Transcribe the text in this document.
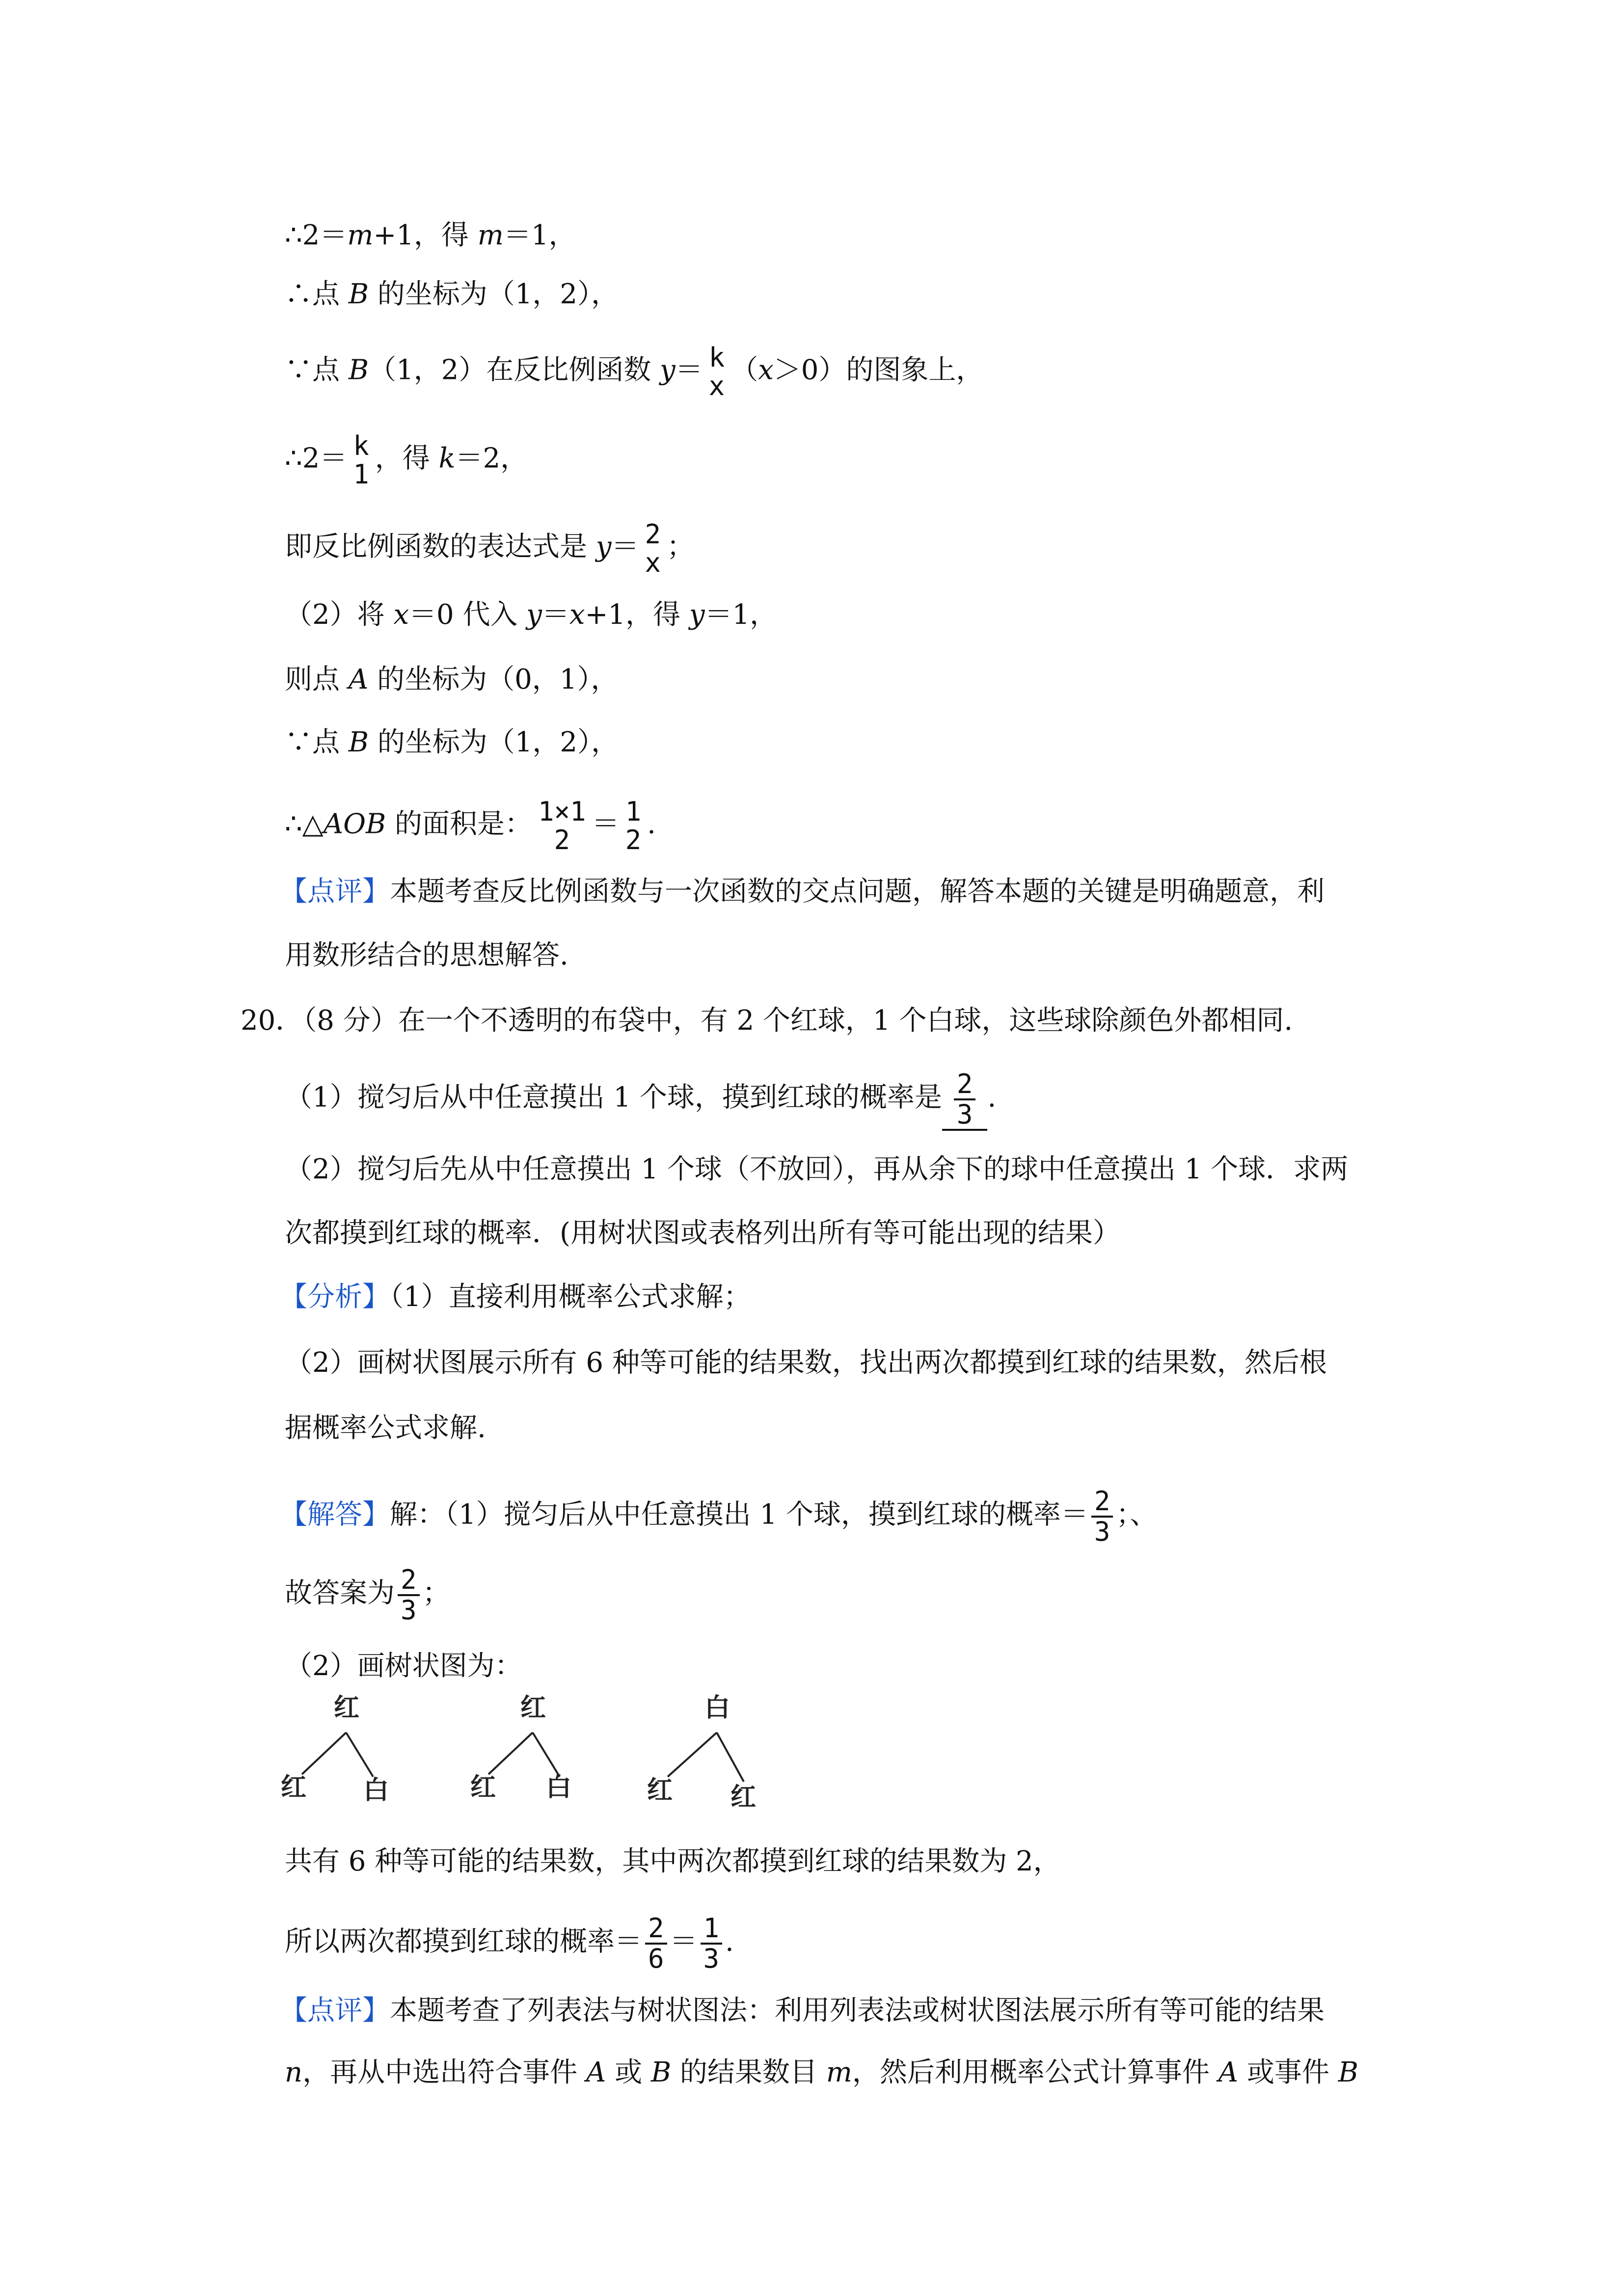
∴2＝m+1，得 m＝1，
∴点 B 的坐标为（1，2），
∵点 B（1，2）在反比例函数 y＝ k
x （x＞0）的图象上，
∴2＝ k
1 ，得 k＝2，
即反比例函数的表达式是 y＝ 2
x ；
（2）将 x＝0 代入 y＝x+1，得 y＝1，
则点 A 的坐标为（0，1），
∵点 B 的坐标为（1，2），
∴△AOB 的面积是： 1×1
2 ＝ 1
2 .
【点评】本题考查反比例函数与一次函数的交点问题，解答本题的关键是明确题意，利
用数形结合的思想解答.
20．（8 分）在一个不透明的布袋中，有 2 个红球，1 个白球，这些球除颜色外都相同.
（1）搅匀后从中任意摸出 1 个球，摸到红球的概率是 $\frac{2}{3}$ .
（2）搅匀后先从中任意摸出 1 个球（不放回），再从余下的球中任意摸出 1 个球．求两
次都摸到红球的概率．(用树状图或表格列出所有等可能出现的结果）
【分析】（1）直接利用概率公式求解；
（2）画树状图展示所有 6 种等可能的结果数，找出两次都摸到红球的结果数，然后根
据概率公式求解.
【解答】解：（1）搅匀后从中任意摸出 1 个球，摸到红球的概率＝ $\frac{2}{3}$ ；、
故答案为 $\frac{2}{3}$ ；
（2）画树状图为：
红
红 白
红
红 白
白
红 红
共有 6 种等可能的结果数，其中两次都摸到红球的结果数为 2，
所以两次都摸到红球的概率＝ $\frac{2}{6} = \frac{1}{3}$ .
【点评】本题考查了列表法与树状图法：利用列表法或树状图法展示所有等可能的结果
n，再从中选出符合事件 A 或 B 的结果数目 m，然后利用概率公式计算事件 A 或事件 B
